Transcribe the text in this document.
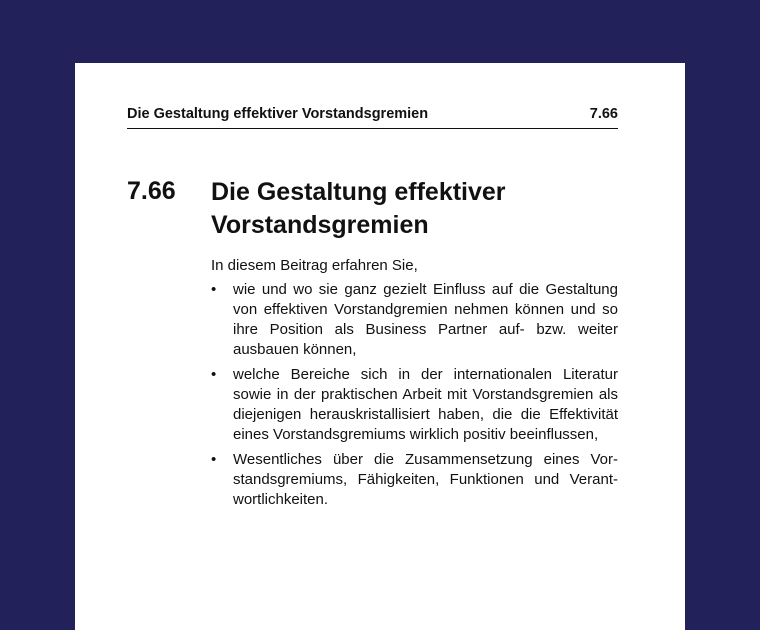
Die Gestaltung effektiver Vorstandsgremien	7.66
7.66 Die Gestaltung effektiver
Vorstandsgremien

In diesem Beitrag erfahren Sie,

•	wie und wo sie ganz gezielt Einfluss auf die Gestaltung von effektiven Vorstandgremien nehmen können und so ihre Position als Business Partner auf- bzw. weiter ausbauen können,
•	welche Bereiche sich in der internationalen Literatur sowie in der praktischen Arbeit mit Vorstandsgremien als diejenigen herauskristallisiert haben, die die Effektivität eines Vorstandsgremiums wirklich positiv beeinflussen,
•	Wesentliches über die Zusammensetzung eines Vorstandsgremiums, Fähigkeiten, Funktionen und Verantwortlichkeiten.
